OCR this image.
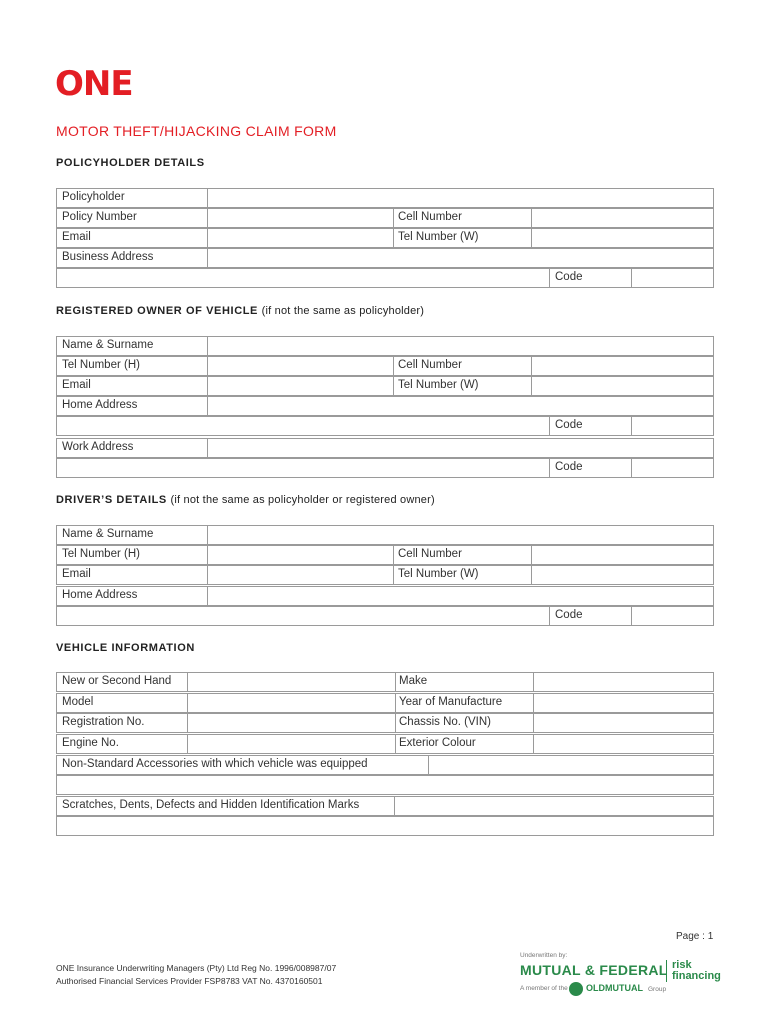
ONE
MOTOR THEFT/HIJACKING CLAIM FORM
POLICYHOLDER DETAILS
Policyholder
Policy Number	Cell Number
Email	Tel Number (W)
Business Address
Code
REGISTERED OWNER OF VEHICLE (if not the same as policyholder)
Name & Surname
Tel Number (H)	Cell Number
Email	Tel Number (W)
Home Address
Code
Work Address
Code
DRIVER’S DETAILS (if not the same as policyholder or registered owner)
Name & Surname
Tel Number (H)	Cell Number
Email	Tel Number (W)
Home Address
Code
VEHICLE INFORMATION
New or Second Hand	Make
Model	Year of Manufacture
Registration No.	Chassis No. (VIN)
Engine No.	Exterior Colour
Non-Standard Accessories with which vehicle was equipped
Scratches, Dents, Defects and Hidden Identification Marks
Page : 1
ONE Insurance Underwriting Managers (Pty) Ltd Reg No. 1996/008987/07
Authorised Financial Services Provider FSP8783 VAT No. 4370160501
Underwritten by:
MUTUAL & FEDERAL risk
financing
A member of the OLDMUTUAL Group
